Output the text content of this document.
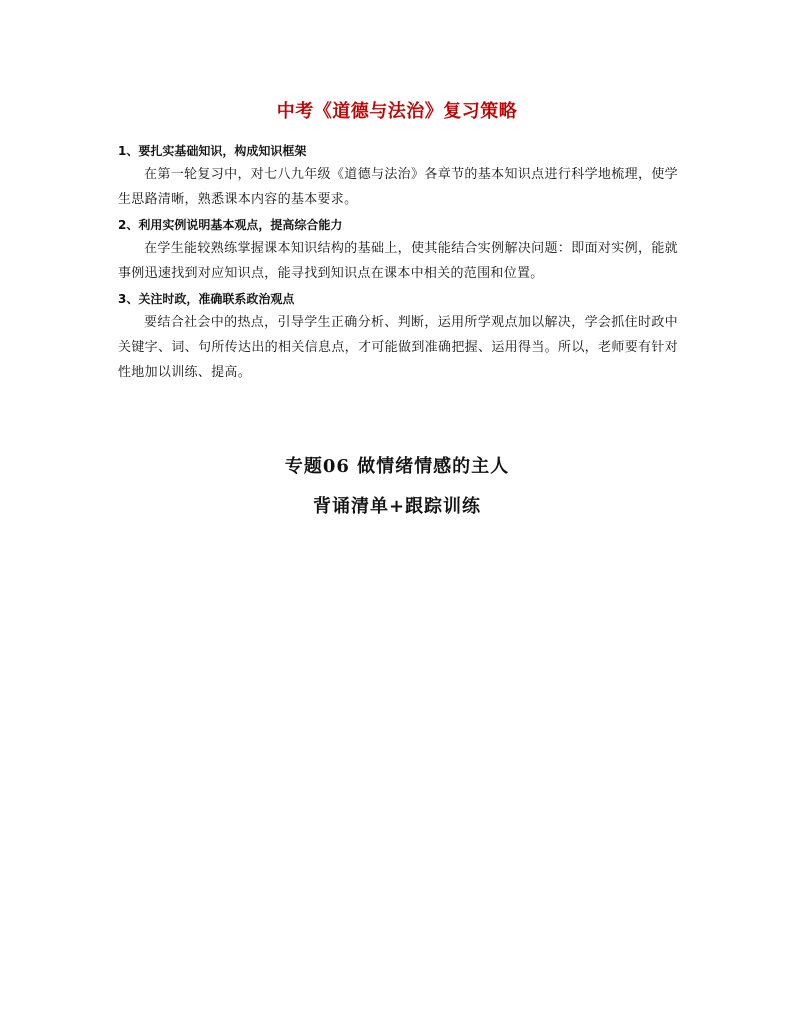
中考《道德与法治》复习策略

1、要扎实基础知识，构成知识框架

在第一轮复习中，对七八九年级《道德与法治》各章节的基本知识点进行科学地梳理，使学生思路清晰，熟悉课本内容的基本要求。

2、利用实例说明基本观点，提高综合能力

在学生能较熟练掌握课本知识结构的基础上，使其能结合实例解决问题：即面对实例，能就事例迅速找到对应知识点，能寻找到知识点在课本中相关的范围和位置。

3、关注时政，准确联系政治观点

要结合社会中的热点，引导学生正确分析、判断，运用所学观点加以解决，学会抓住时政中关键字、词、句所传达出的相关信息点，才可能做到准确把握、运用得当。所以，老师要有针对性地加以训练、提高。

专题06 做情绪情感的主人
背诵清单+跟踪训练
